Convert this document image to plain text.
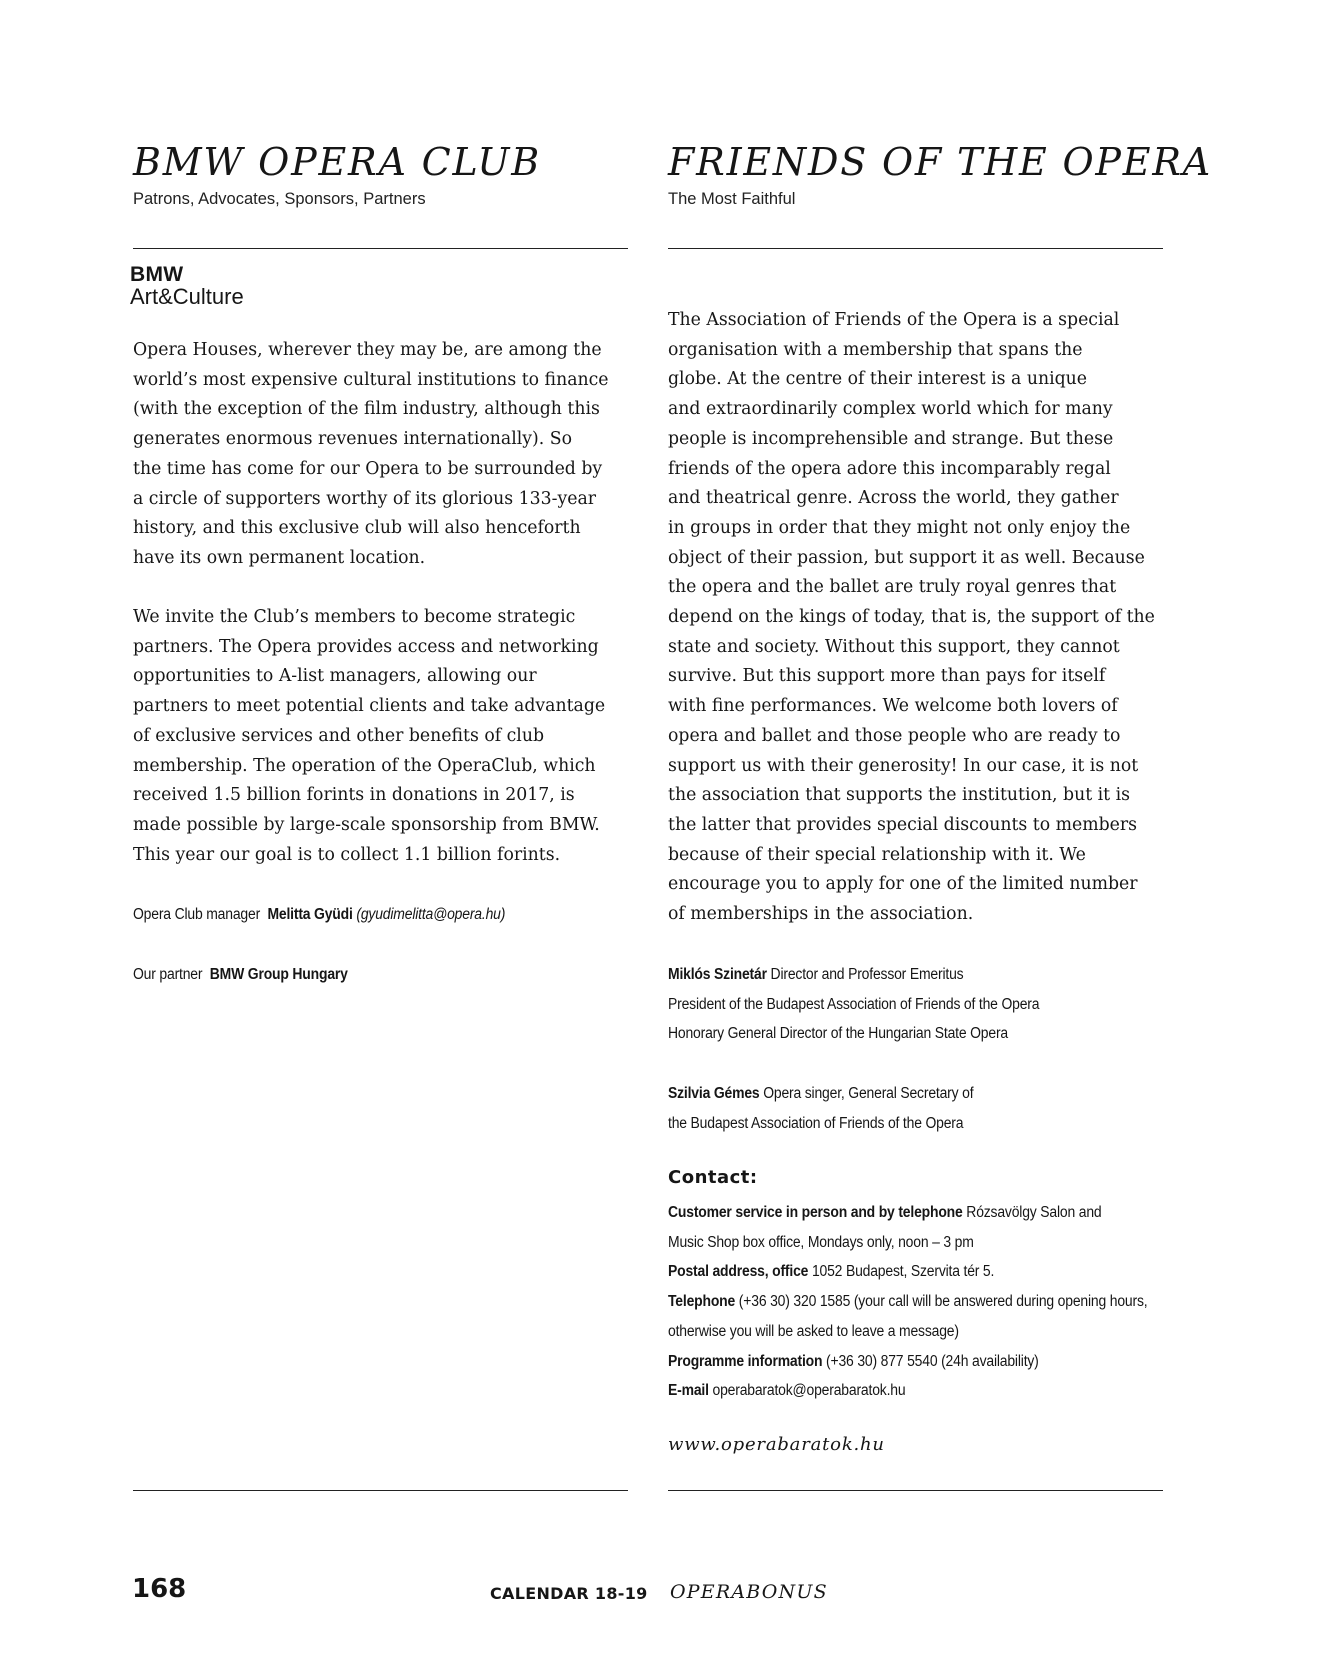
BMW OPERA CLUB
Patrons, Advocates, Sponsors, Partners
FRIENDS OF THE OPERA
The Most Faithful
BMW
Art&Culture
Opera Houses, wherever they may be, are among the
world’s most expensive cultural institutions to finance
(with the exception of the film industry, although this
generates enormous revenues internationally). So
the time has come for our Opera to be surrounded by
a circle of supporters worthy of its glorious 133-year
history, and this exclusive club will also henceforth
have its own permanent location.
We invite the Club’s members to become strategic
partners. The Opera provides access and networking
opportunities to A-list managers, allowing our
partners to meet potential clients and take advantage
of exclusive services and other benefits of club
membership. The operation of the OperaClub, which
received 1.5 billion forints in donations in 2017, is
made possible by large-scale sponsorship from BMW.
This year our goal is to collect 1.1 billion forints.
Opera Club manager Melitta Gyüdi (gyudimelitta@opera.hu)
Our partner BMW Group Hungary
The Association of Friends of the Opera is a special
organisation with a membership that spans the
globe. At the centre of their interest is a unique
and extraordinarily complex world which for many
people is incomprehensible and strange. But these
friends of the opera adore this incomparably regal
and theatrical genre. Across the world, they gather
in groups in order that they might not only enjoy the
object of their passion, but support it as well. Because
the opera and the ballet are truly royal genres that
depend on the kings of today, that is, the support of the
state and society. Without this support, they cannot
survive. But this support more than pays for itself
with fine performances. We welcome both lovers of
opera and ballet and those people who are ready to
support us with their generosity! In our case, it is not
the association that supports the institution, but it is
the latter that provides special discounts to members
because of their special relationship with it. We
encourage you to apply for one of the limited number
of memberships in the association.
Miklós Szinetár Director and Professor Emeritus
President of the Budapest Association of Friends of the Opera
Honorary General Director of the Hungarian State Opera
Szilvia Gémes Opera singer, General Secretary of
the Budapest Association of Friends of the Opera
Contact:
Customer service in person and by telephone Rózsavölgy Salon and
Music Shop box office, Mondays only, noon – 3 pm
Postal address, office 1052 Budapest, Szervita tér 5.
Telephone (+36 30) 320 1585 (your call will be answered during opening hours,
otherwise you will be asked to leave a message)
Programme information (+36 30) 877 5540 (24h availability)
E-mail operabaratok@operabaratok.hu
www.operabaratok.hu
168	CALENDAR 18-19 OPERABONUS
